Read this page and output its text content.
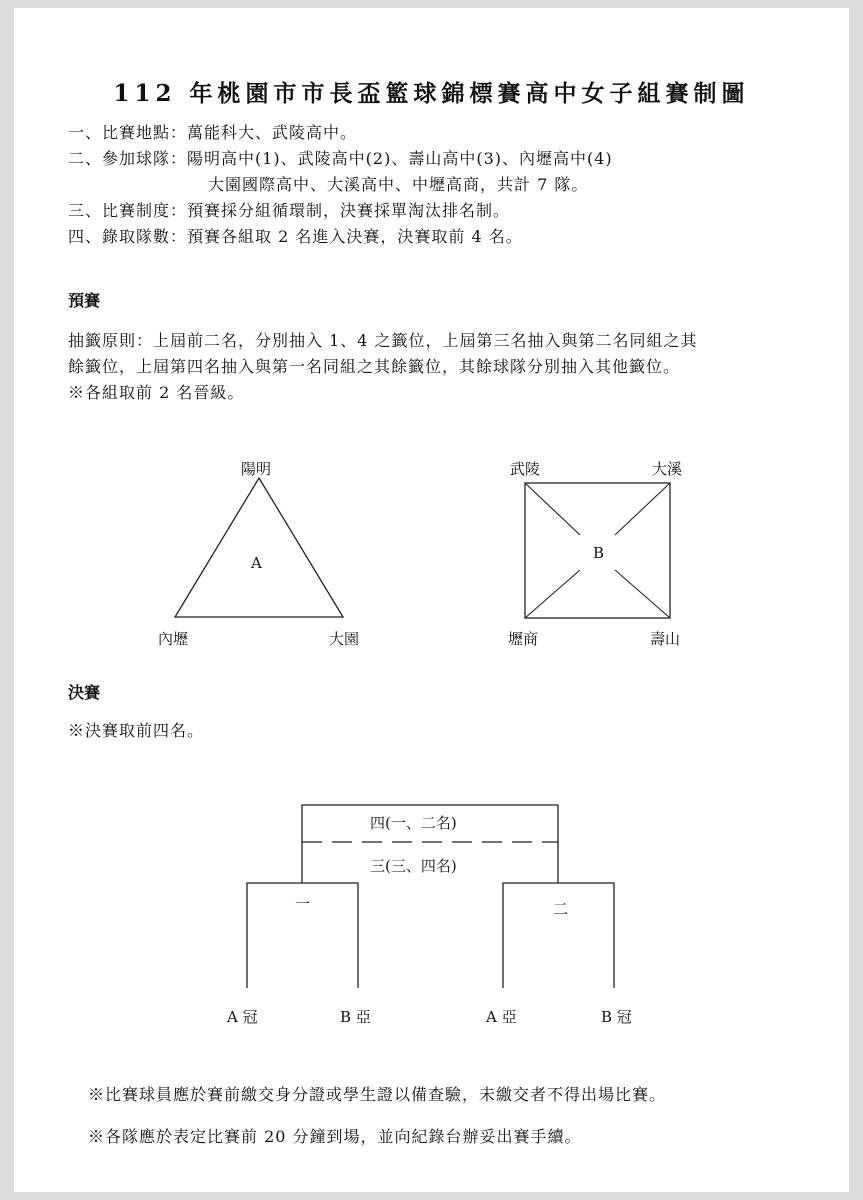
112 年桃園市市長盃籃球錦標賽高中女子組賽制圖
一、比賽地點：萬能科大、武陵高中。
二、參加球隊：陽明高中(1)、武陵高中(2)、壽山高中(3)、內壢高中(4)
大園國際高中、大溪高中、中壢高商，共計 7 隊。
三、比賽制度：預賽採分組循環制，決賽採單淘汰排名制。
四、錄取隊數：預賽各組取 2 名進入決賽，決賽取前 4 名。
預賽
抽籤原則：上屆前二名，分別抽入 1、4 之籤位，上屆第三名抽入與第二名同組之其
餘籤位，上屆第四名抽入與第一名同組之其餘籤位，其餘球隊分別抽入其他籤位。
※各組取前 2 名晉級。
陽明
A
內壢	大園
武陵	大溪
B
壢商	壽山
決賽
※決賽取前四名。
四(一、二名)
三(三、四名)
一	二
A 冠	B 亞	A 亞	B 冠
※比賽球員應於賽前繳交身分證或學生證以備查驗，未繳交者不得出場比賽。
※各隊應於表定比賽前 20 分鐘到場，並向紀錄台辦妥出賽手續。
